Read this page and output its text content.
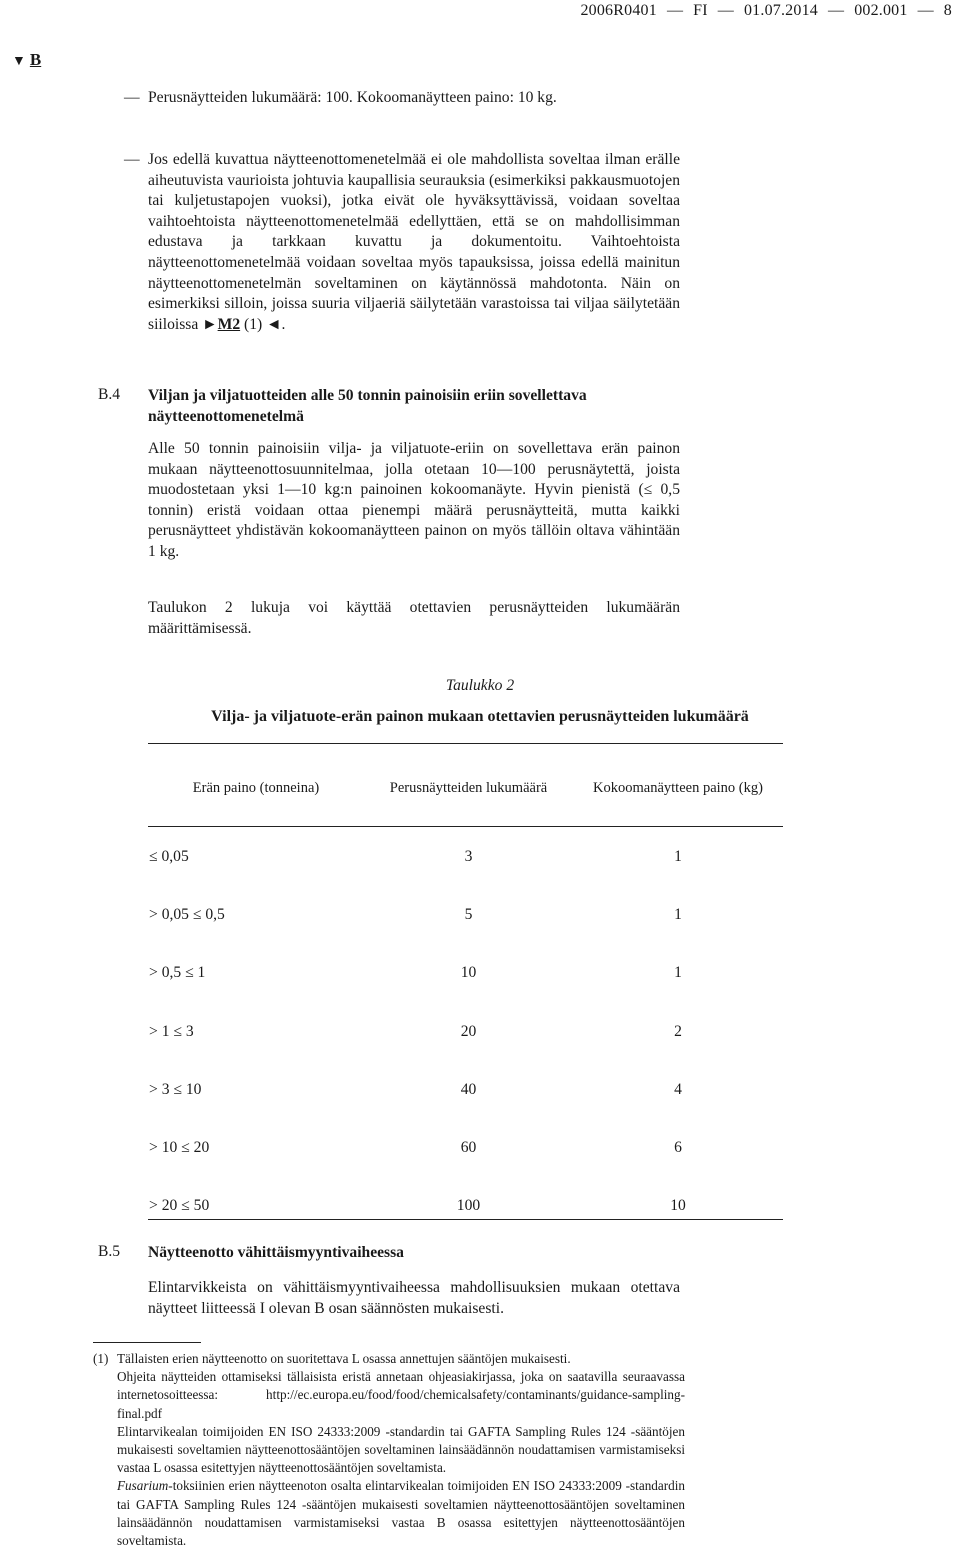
2006R0401 — FI — 01.07.2014 — 002.001 — 8
▼ B
— Perusnäytteiden lukumäärä: 100. Kokoomanäytteen paino: 10 kg.
— Jos edellä kuvattua näytteenottomenetelmää ei ole mahdollista soveltaa ilman erälle aiheutuvista vaurioista johtuvia kaupallisia seurauksia (esimerkiksi pakkausmuotojen tai kuljetustapojen vuoksi), jotka eivät ole hyväksyttävissä, voidaan soveltaa vaihtoehtoista näytteenottomenetelmää edellyttäen, että se on mahdollisimman edustava ja tarkkaan kuvattu ja dokumentoitu. Vaihtoehtoista näytteenottomenetelmää voidaan soveltaa myös tapauksissa, joissa edellä mainitun näytteenottomenetelmän soveltaminen on käytännössä mahdotonta. Näin on esimerkiksi silloin, joissa suuria viljaeriä säilytetään varastoissa tai viljaa säilytetään siiloissa ►M2 (1) ◄.
B.4 Viljan ja viljatuotteiden alle 50 tonnin painoisiin eriin sovellettava näytteenottomenetelmä
Alle 50 tonnin painoisiin vilja- ja viljatuote-eriin on sovellettava erän painon mukaan näytteenottosuunnitelmaa, jolla otetaan 10—100 perusnäytettä, joista muodostetaan yksi 1—10 kg:n painoinen kokoomanäyte. Hyvin pienistä (≤ 0,5 tonnin) eristä voidaan ottaa pienempi määrä perusnäytteitä, mutta kaikki perusnäytteet yhdistävän kokoomanäytteen painon on myös tällöin oltava vähintään 1 kg.
Taulukon 2 lukuja voi käyttää otettavien perusnäytteiden lukumäärän määrittämisessä.
Taulukko 2
Vilja- ja viljatuote-erän painon mukaan otettavien perusnäytteiden lukumäärä
Erän paino (tonneina)	Perusnäytteiden lukumäärä	Kokoomanäytteen paino (kg)
≤ 0,05	3	1
> 0,05 ≤ 0,5	5	1
> 0,5 ≤ 1	10	1
> 1 ≤ 3	20	2
> 3 ≤ 10	40	4
> 10 ≤ 20	60	6
> 20 ≤ 50	100	10
B.5 Näytteenotto vähittäismyyntivaiheessa
Elintarvikkeista on vähittäismyyntivaiheessa mahdollisuuksien mukaan otettava näytteet liitteessä I olevan B osan säännösten mukaisesti.
(1) Tällaisten erien näytteenotto on suoritettava L osassa annettujen sääntöjen mukaisesti.
Ohjeita näytteiden ottamiseksi tällaisista eristä annetaan ohjeasiakirjassa, joka on saatavilla seuraavassa internetosoitteessa: http://ec.europa.eu/food/food/chemicalsafety/contaminants/guidance-sampling-final.pdf
Elintarvikealan toimijoiden EN ISO 24333:2009 -standardin tai GAFTA Sampling Rules 124 -sääntöjen mukaisesti soveltamien näytteenottosääntöjen soveltaminen lainsäädännön noudattamisen varmistamiseksi vastaa L osassa esitettyjen näytteenottosääntöjen soveltamista.
Fusarium-toksiinien erien näytteenoton osalta elintarvikealan toimijoiden EN ISO 24333:2009 -standardin tai GAFTA Sampling Rules 124 -sääntöjen mukaisesti soveltamien näytteenottosääntöjen soveltaminen lainsäädännön noudattamisen varmistamiseksi vastaa B osassa esitettyjen näytteenottosääntöjen soveltamista.
